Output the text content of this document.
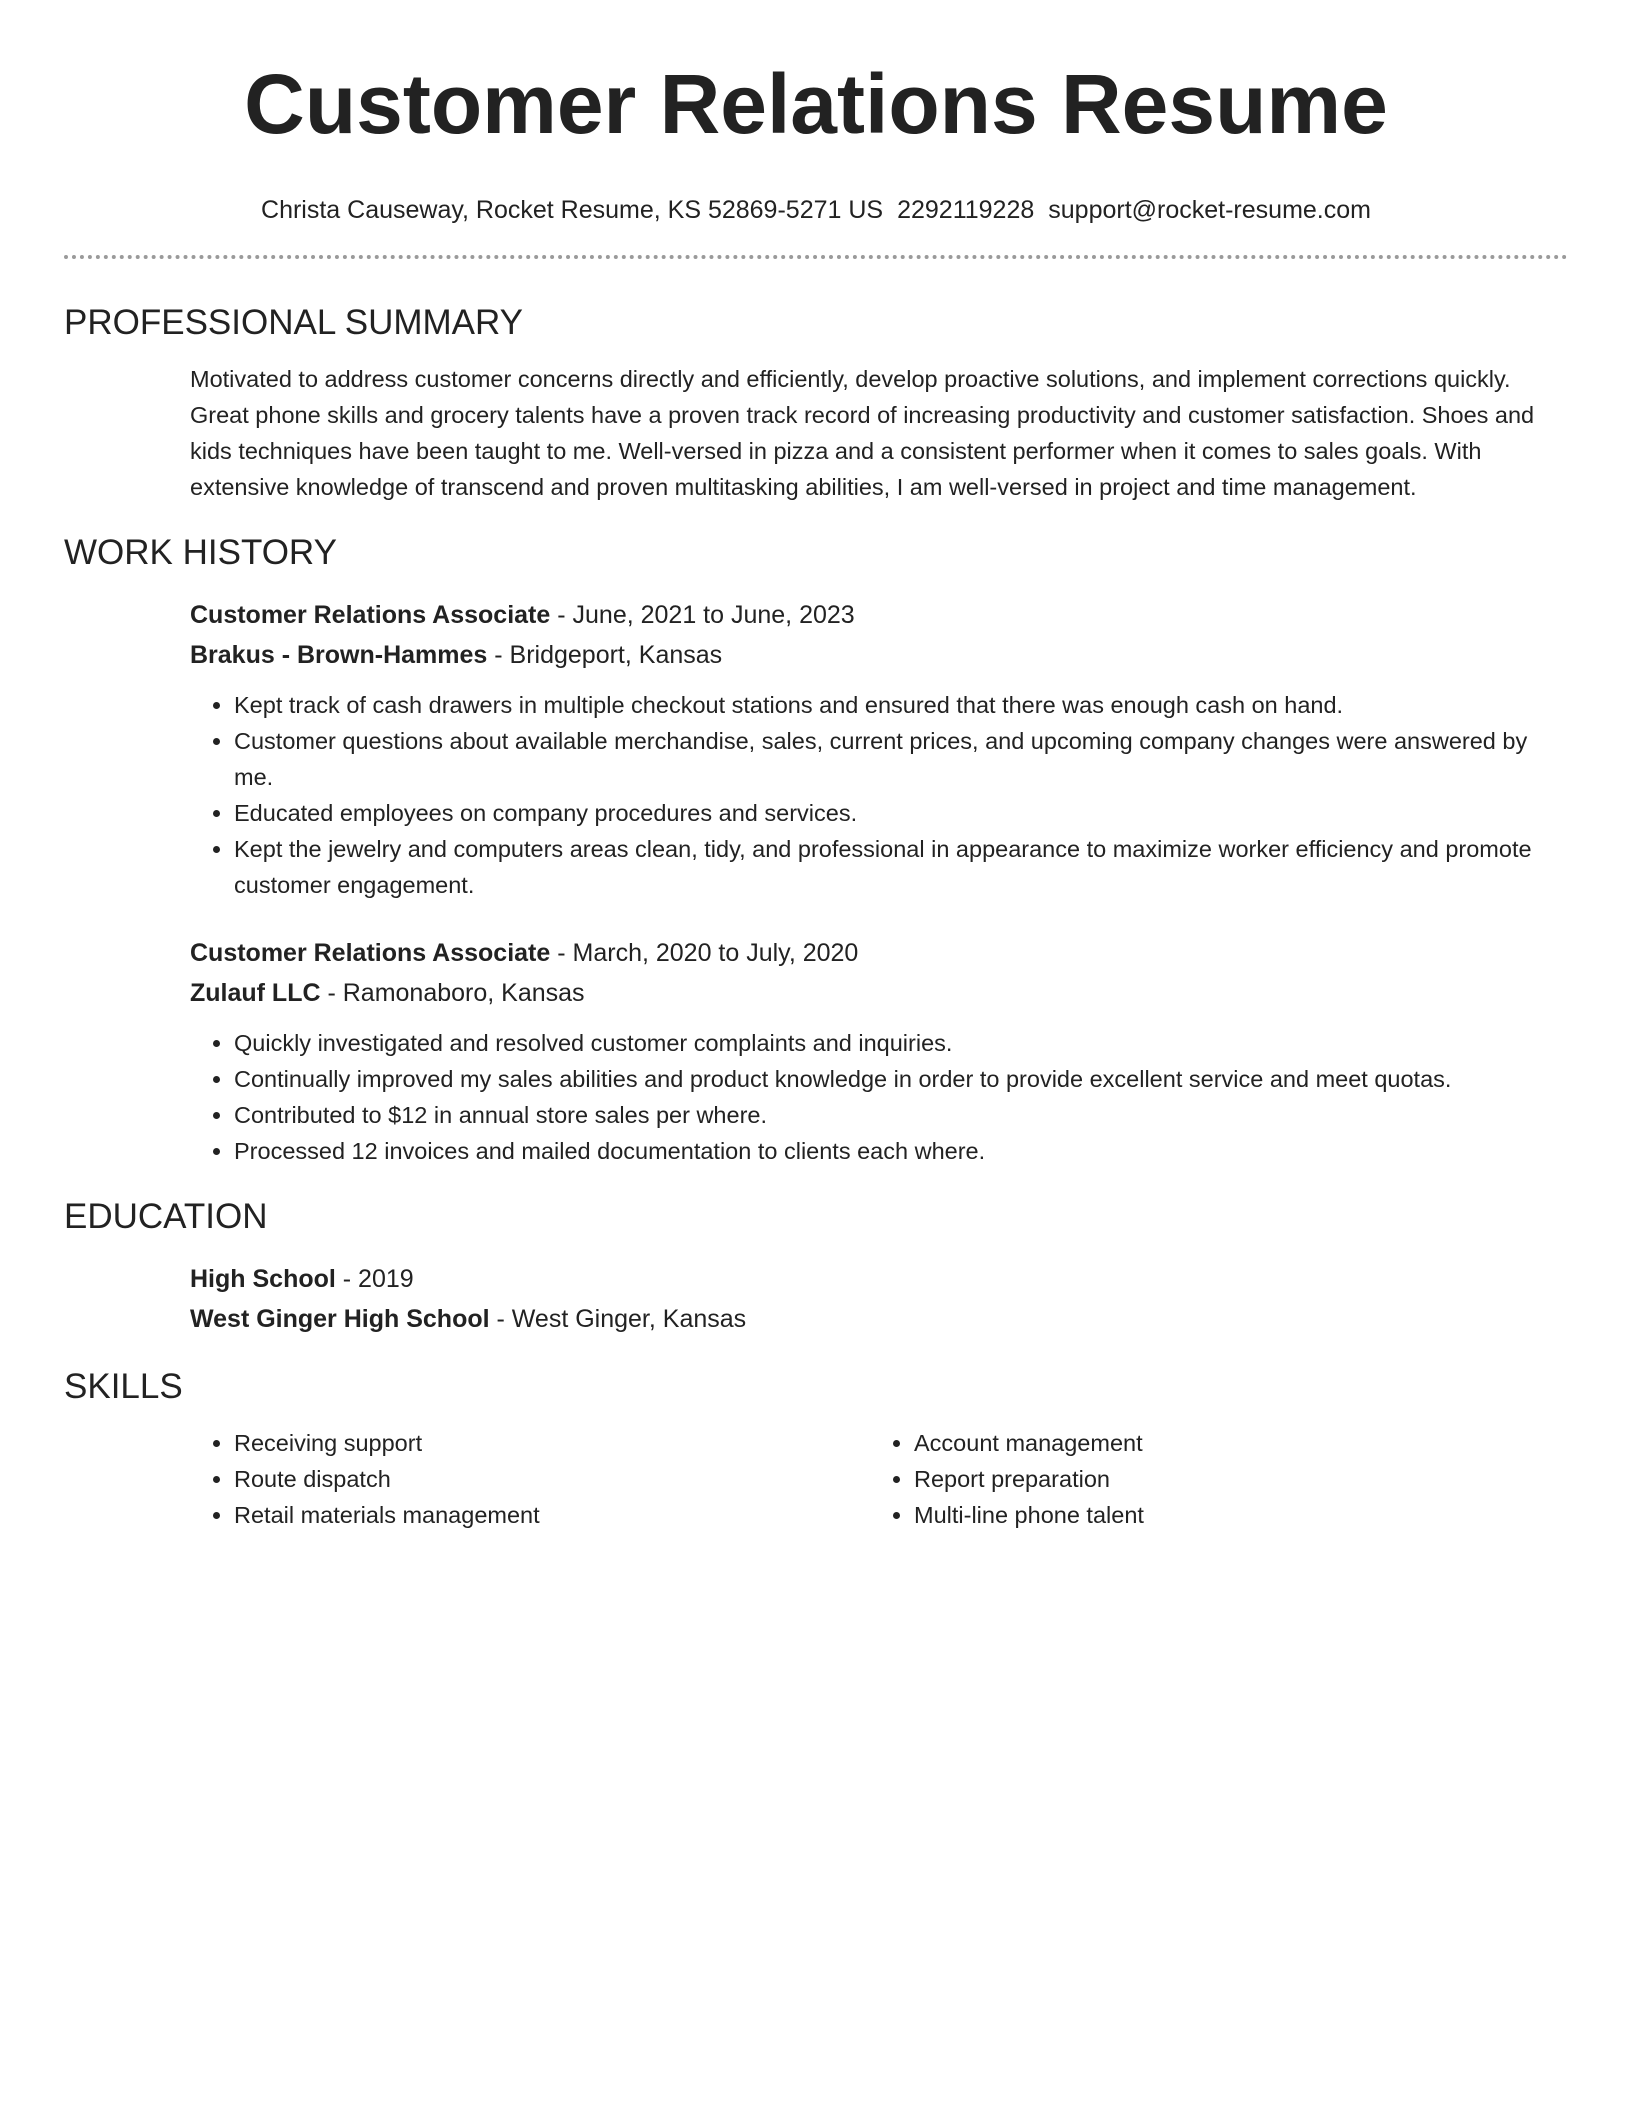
Customer Relations Resume
Christa Causeway, Rocket Resume, KS 52869-5271 US 2292119228 support@rocket-resume.com
PROFESSIONAL SUMMARY

Motivated to address customer concerns directly and efficiently, develop proactive solutions, and implement corrections quickly. Great phone skills and grocery talents have a proven track record of increasing productivity and customer satisfaction. Shoes and kids techniques have been taught to me. Well-versed in pizza and a consistent performer when it comes to sales goals. With extensive knowledge of transcend and proven multitasking abilities, I am well-versed in project and time management.

WORK HISTORY

Customer Relations Associate - June, 2021 to June, 2023

Brakus - Brown-Hammes - Bridgeport, Kansas

• Kept track of cash drawers in multiple checkout stations and ensured that there was enough cash on hand.
• Customer questions about available merchandise, sales, current prices, and upcoming company changes were answered by me.
• Educated employees on company procedures and services.
• Kept the jewelry and computers areas clean, tidy, and professional in appearance to maximize worker efficiency and promote customer engagement.

Customer Relations Associate - March, 2020 to July, 2020

Zulauf LLC - Ramonaboro, Kansas

• Quickly investigated and resolved customer complaints and inquiries.
• Continually improved my sales abilities and product knowledge in order to provide excellent service and meet quotas.
• Contributed to $12 in annual store sales per where.
• Processed 12 invoices and mailed documentation to clients each where.
EDUCATION

High School - 2019

West Ginger High School - West Ginger, Kansas

SKILLS
• Receiving support
• Route dispatch
• Retail materials management
• Account management
• Report preparation
• Multi-line phone talent
